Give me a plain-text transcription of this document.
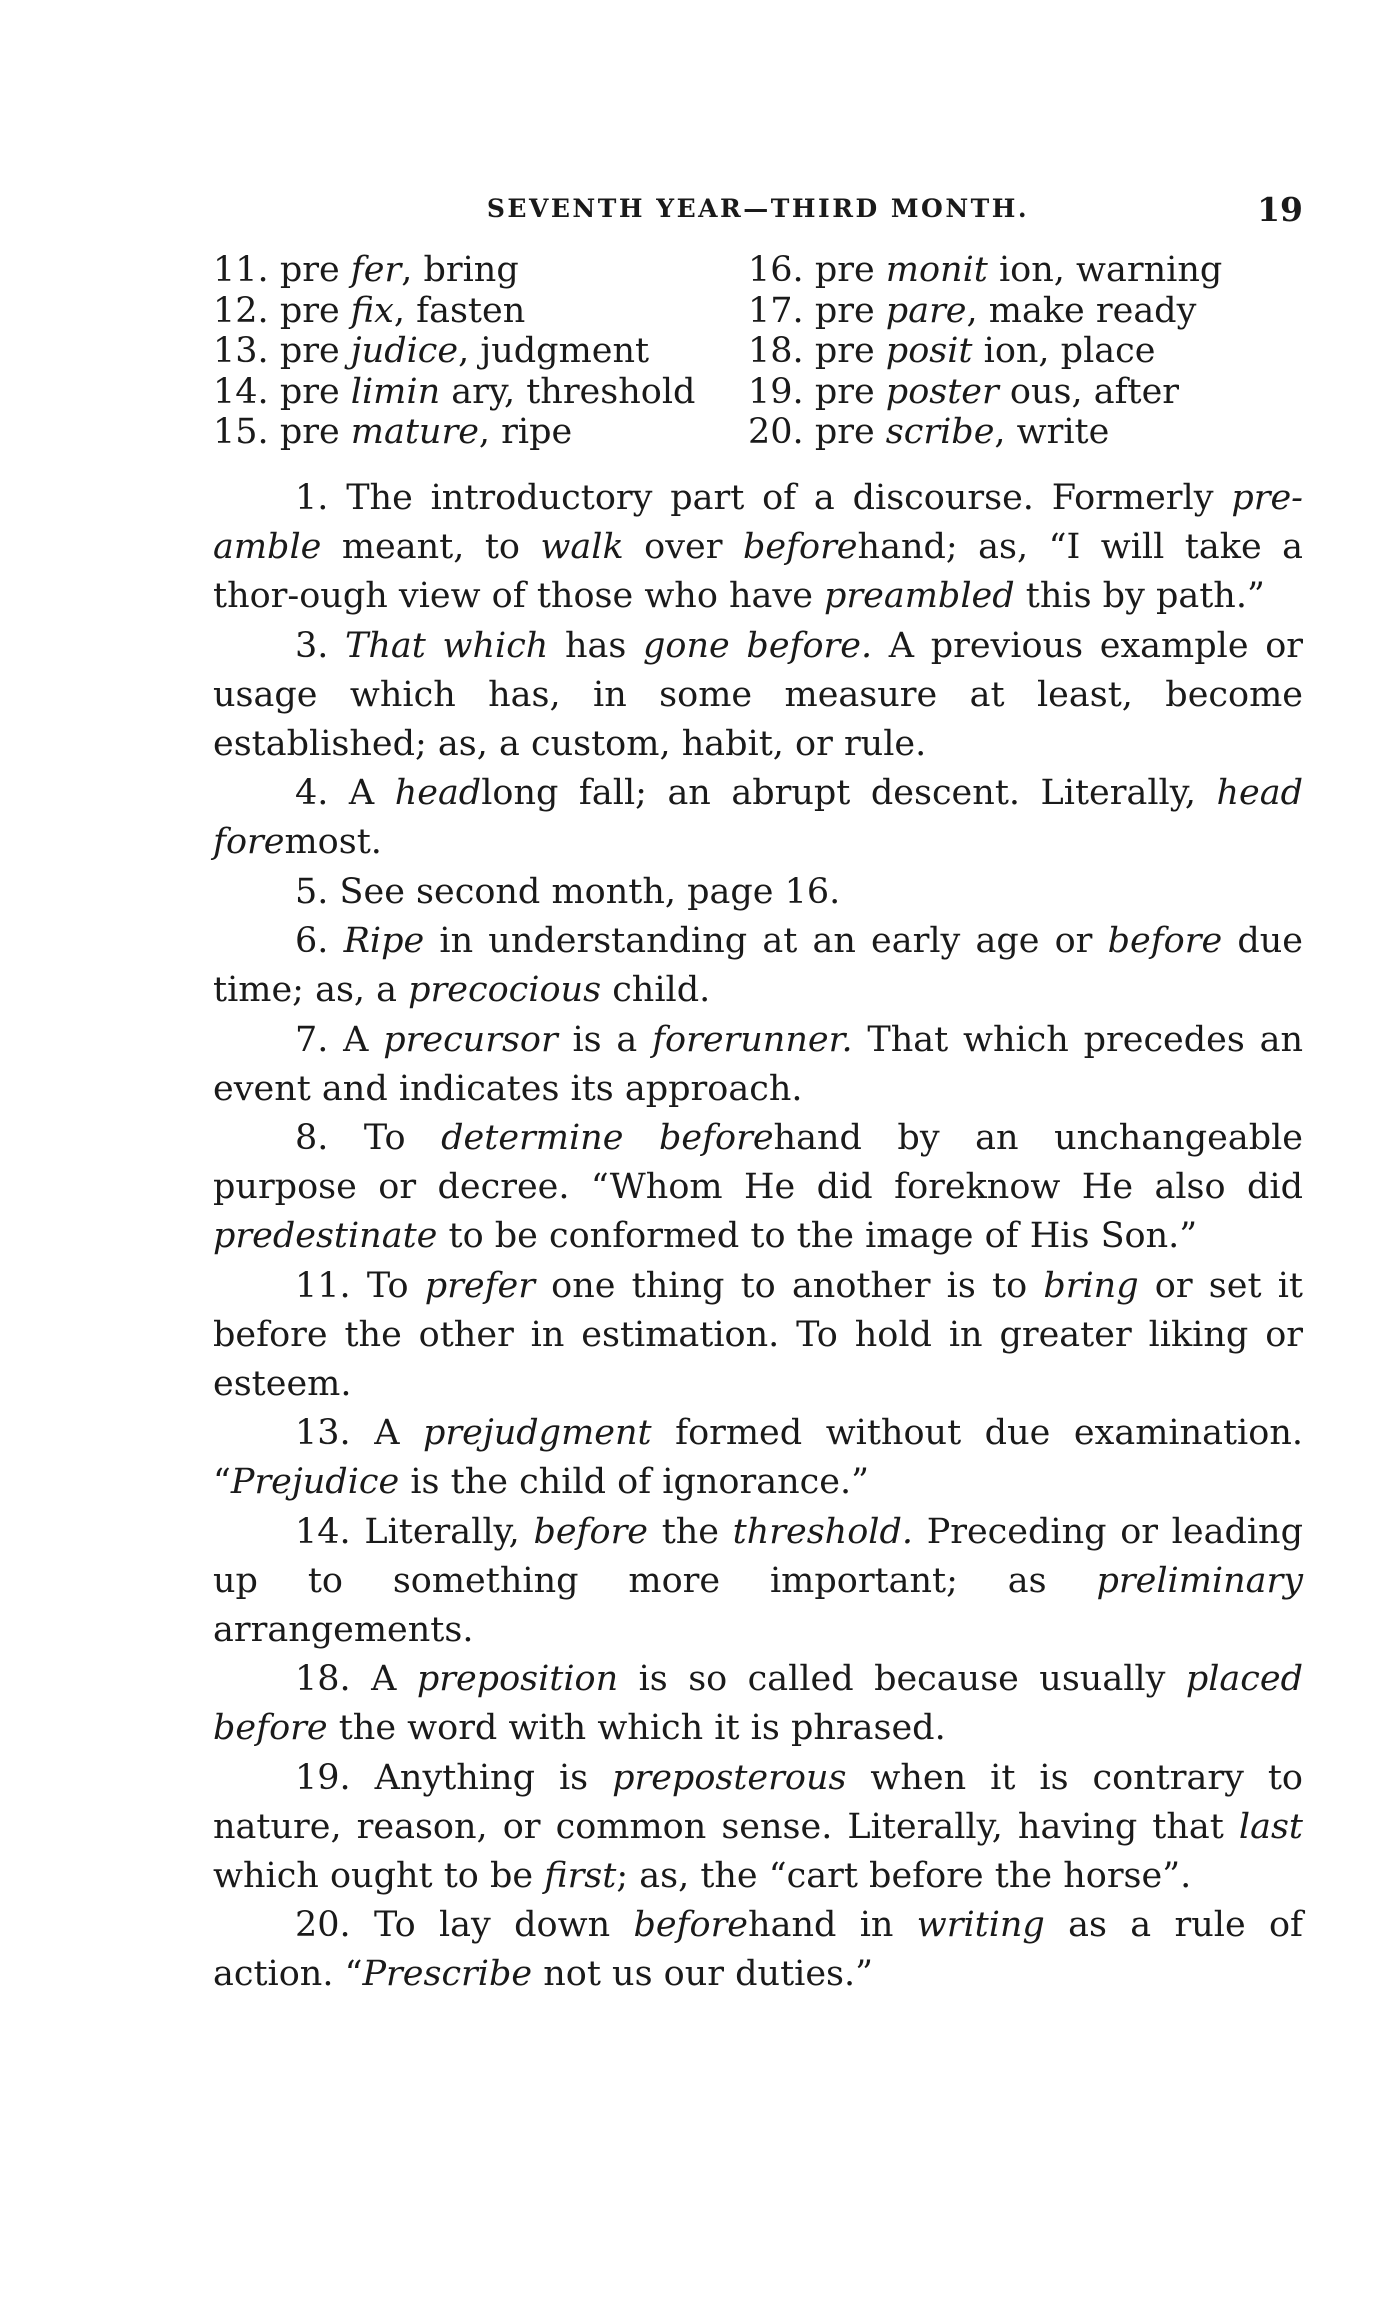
SEVENTH YEAR—THIRD MONTH.	19
11. pre fer, bring
12. pre fix, fasten
13. pre judice, judgment
14. pre limin ary, threshold
15. pre mature, ripe
16. pre monit ion, warning
17. pre pare, make ready
18. pre posit ion, place
19. pre poster ous, after
20. pre scribe, write

1. The introductory part of a discourse. Formerly pre-amble meant, to walk over beforehand; as, “I will take a thor-ough view of those who have preambled this by path.”

3. That which has gone before. A previous example or usage which has, in some measure at least, become established; as, a custom, habit, or rule.

4. A headlong fall; an abrupt descent. Literally, head foremost.

5. See second month, page 16.

6. Ripe in understanding at an early age or before due time; as, a precocious child.

7. A precursor is a forerunner. That which precedes an event and indicates its approach.

8. To determine beforehand by an unchangeable purpose or decree. “Whom He did foreknow He also did predestinate to be conformed to the image of His Son.”

11. To prefer one thing to another is to bring or set it before the other in estimation. To hold in greater liking or esteem.

13. A prejudgment formed without due examination. “Prejudice is the child of ignorance.”

14. Literally, before the threshold. Preceding or leading up to something more important; as preliminary arrangements.

18. A preposition is so called because usually placed before the word with which it is phrased.

19. Anything is preposterous when it is contrary to nature, reason, or common sense. Literally, having that last which ought to be first; as, the “cart before the horse”.

20. To lay down beforehand in writing as a rule of action. “Prescribe not us our duties.”
